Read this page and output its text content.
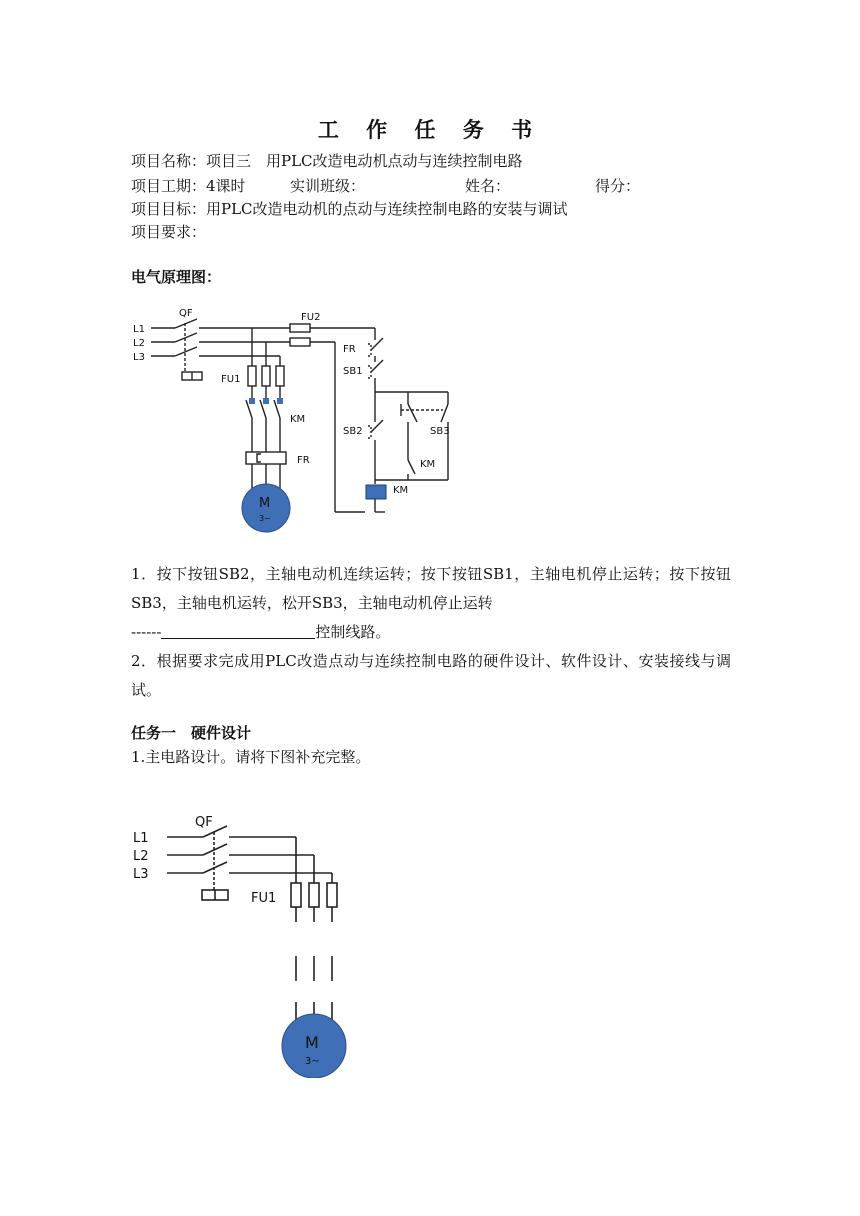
工 作 任 务 书
项目名称：项目三　用PLC改造电动机点动与连续控制电路
项目工期：4课时	实训班级：	姓名：	得分：
项目目标：用PLC改造电动机的点动与连续控制电路的安装与调试
项目要求：
电气原理图：
QF
L1
L2
L3
FU1
FU2
KM
FR
FR
SB1
SB2	SB3
KM
KM
M
3~
1．按下按钮SB2，主轴电动机连续运转；按下按钮SB1，主轴电机停止运转；按下按钮SB3，主轴电机运转，松开SB3，主轴电动机停止运转
------	控制线路。
2．根据要求完成用PLC改造点动与连续控制电路的硬件设计、软件设计、安装接线与调试。
任务一　硬件设计
1.主电路设计。请将下图补充完整。
QF
L1
L2
L3
FU1
M
3~
